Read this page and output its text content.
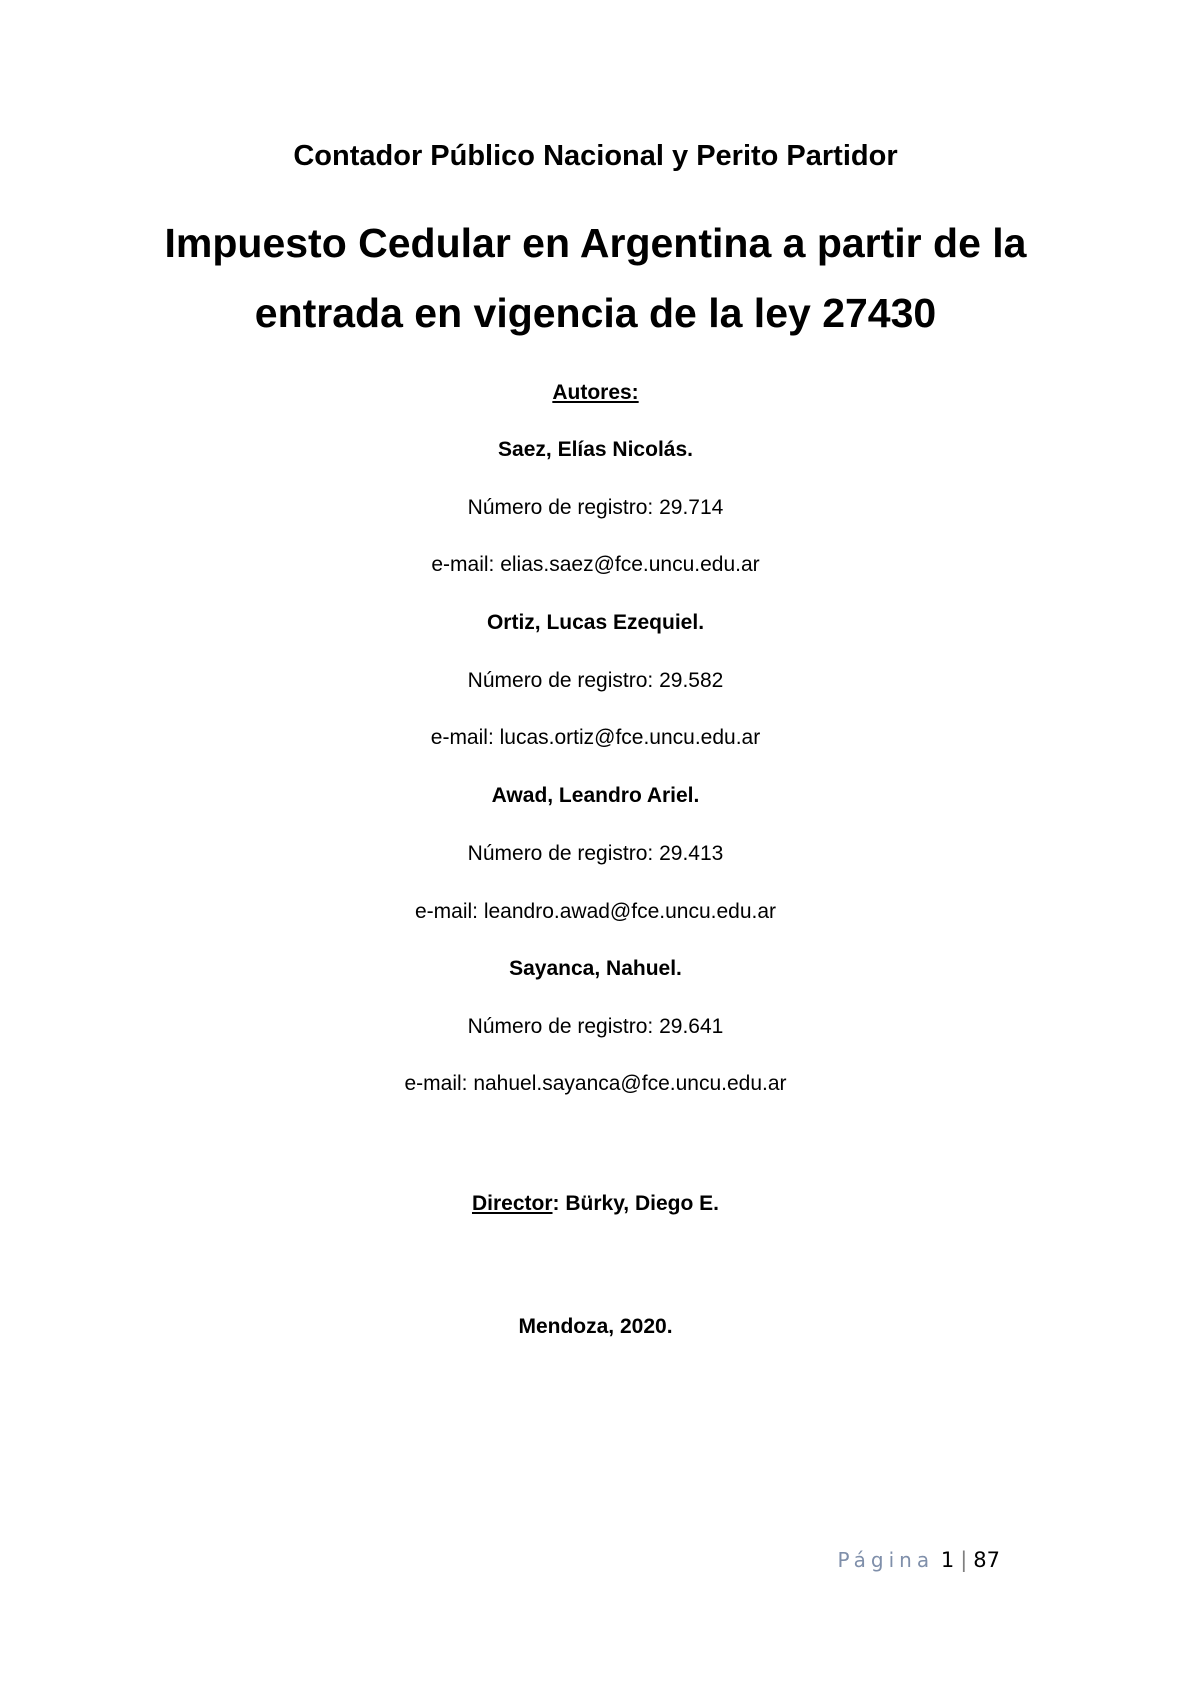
Contador Público Nacional y Perito Partidor
Impuesto Cedular en Argentina a partir de la
entrada en vigencia de la ley 27430
Autores:
Saez, Elías Nicolás.
Número de registro: 29.714
e-mail: elias.saez@fce.uncu.edu.ar
Ortiz, Lucas Ezequiel.
Número de registro: 29.582
e-mail: lucas.ortiz@fce.uncu.edu.ar
Awad, Leandro Ariel.
Número de registro: 29.413
e-mail: leandro.awad@fce.uncu.edu.ar
Sayanca, Nahuel.
Número de registro: 29.641
e-mail: nahuel.sayanca@fce.uncu.edu.ar
Director: Bürky, Diego E.
Mendoza, 2020.
Página 1 | 87
